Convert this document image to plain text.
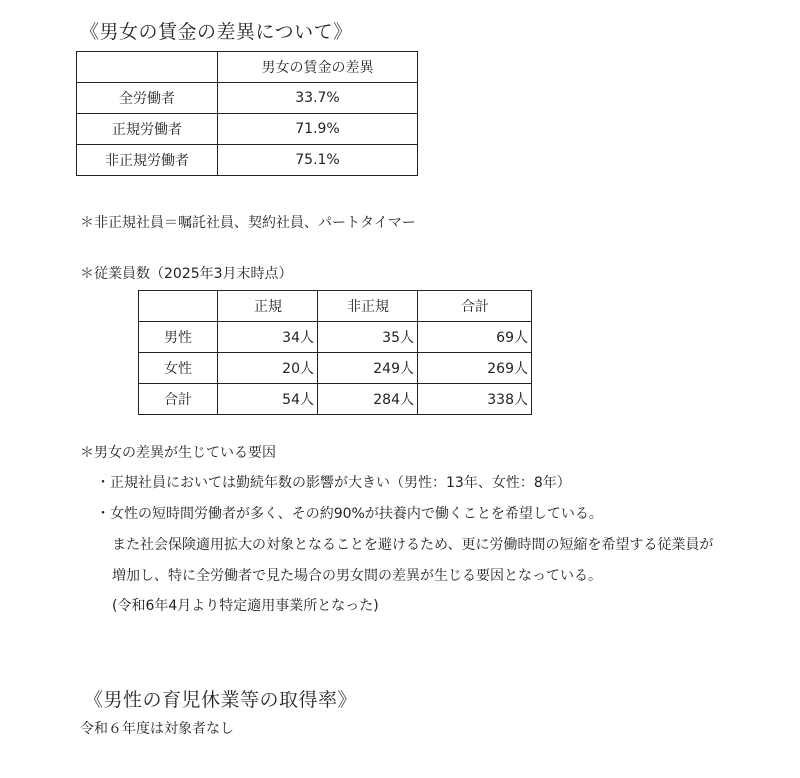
《男女の賃金の差異について》
	男女の賃金の差異
全労働者	33.7%
正規労働者	71.9%
非正規労働者	75.1%
＊非正規社員＝嘱託社員、契約社員、パートタイマー
＊従業員数（2025年3月末時点）
	正規	非正規	合計
男性	34人	35人	69人
女性	20人	249人	269人
合計	54人	284人	338人
＊男女の差異が生じている要因
・正規社員においては勤続年数の影響が大きい（男性：13年、女性：8年）
・女性の短時間労働者が多く、その約90%が扶養内で働くことを希望している。
また社会保険適用拡大の対象となることを避けるため、更に労働時間の短縮を希望する従業員が
増加し、特に全労働者で見た場合の男女間の差異が生じる要因となっている。
(令和6年4月より特定適用事業所となった)
《男性の育児休業等の取得率》
令和６年度は対象者なし
